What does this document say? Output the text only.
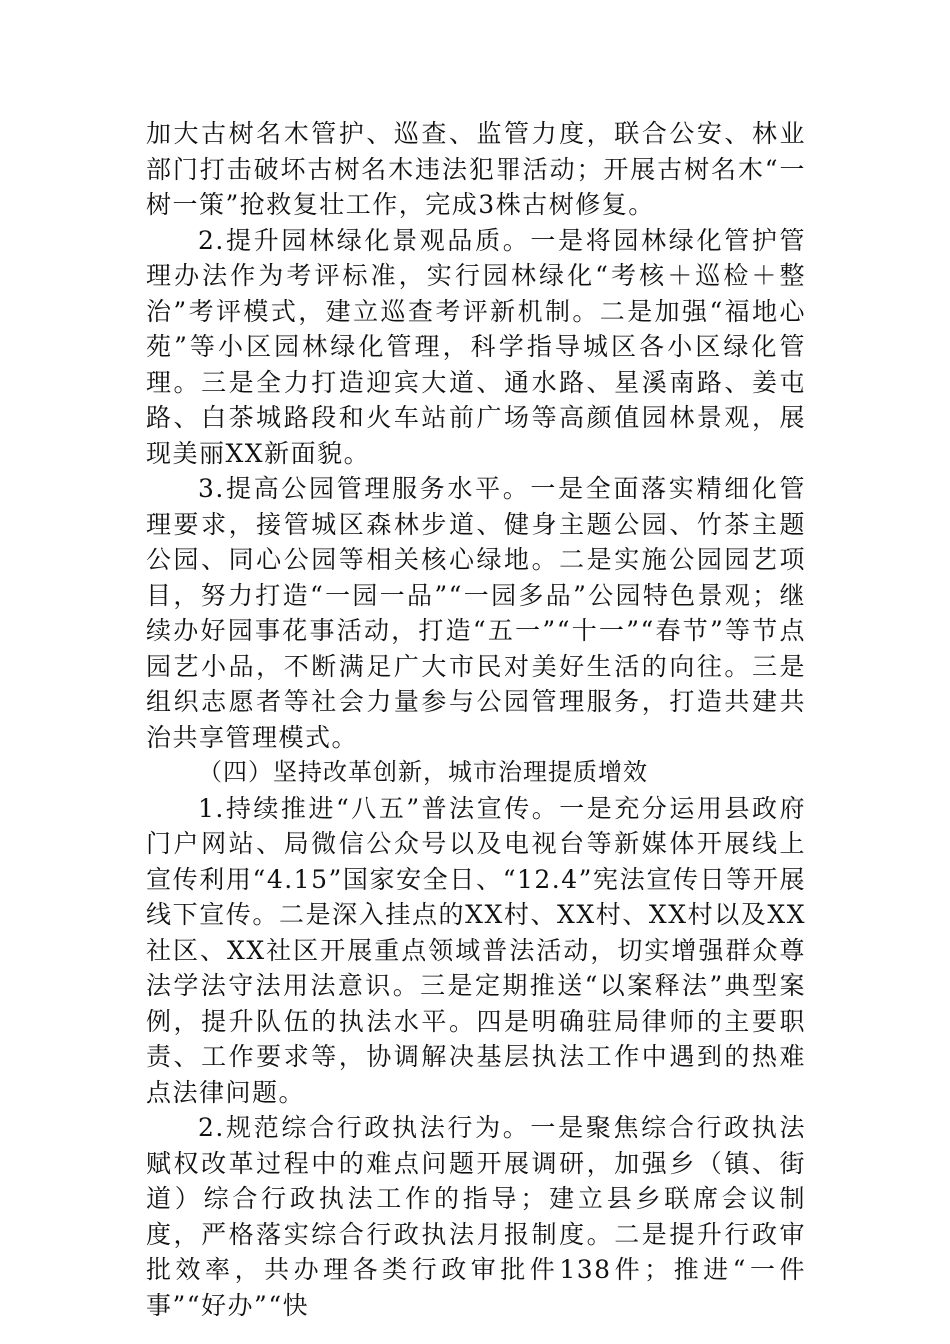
加大古树名木管护、巡查、监管力度，联合公安、林业部门打击破坏古树名木违法犯罪活动；开展古树名木“一树一策”抢救复壮工作，完成3株古树修复。

2.提升园林绿化景观品质。一是将园林绿化管护管理办法作为考评标准，实行园林绿化“考核＋巡检＋整治”考评模式，建立巡查考评新机制。二是加强“福地心苑”等小区园林绿化管理，科学指导城区各小区绿化管理。三是全力打造迎宾大道、通水路、星溪南路、姜屯路、白茶城路段和火车站前广场等高颜值园林景观，展现美丽XX新面貌。

3.提高公园管理服务水平。一是全面落实精细化管理要求，接管城区森林步道、健身主题公园、竹茶主题公园、同心公园等相关核心绿地。二是实施公园园艺项目，努力打造“一园一品”“一园多品”公园特色景观；继续办好园事花事活动，打造“五一”“十一”“春节”等节点园艺小品，不断满足广大市民对美好生活的向往。三是组织志愿者等社会力量参与公园管理服务，打造共建共治共享管理模式。

（四）坚持改革创新，城市治理提质增效

1.持续推进“八五”普法宣传。一是充分运用县政府门户网站、局微信公众号以及电视台等新媒体开展线上宣传利用“4.15”国家安全日、“12.4”宪法宣传日等开展线下宣传。二是深入挂点的XX村、XX村、XX村以及XX社区、XX社区开展重点领域普法活动，切实增强群众尊法学法守法用法意识。三是定期推送“以案释法”典型案例，提升队伍的执法水平。四是明确驻局律师的主要职责、工作要求等，协调解决基层执法工作中遇到的热难点法律问题。

2.规范综合行政执法行为。一是聚焦综合行政执法赋权改革过程中的难点问题开展调研，加强乡（镇、街道）综合行政执法工作的指导；建立县乡联席会议制度，严格落实综合行政执法月报制度。二是提升行政审批效率，共办理各类行政审批件138件；推进“一件事”“好办”“快
